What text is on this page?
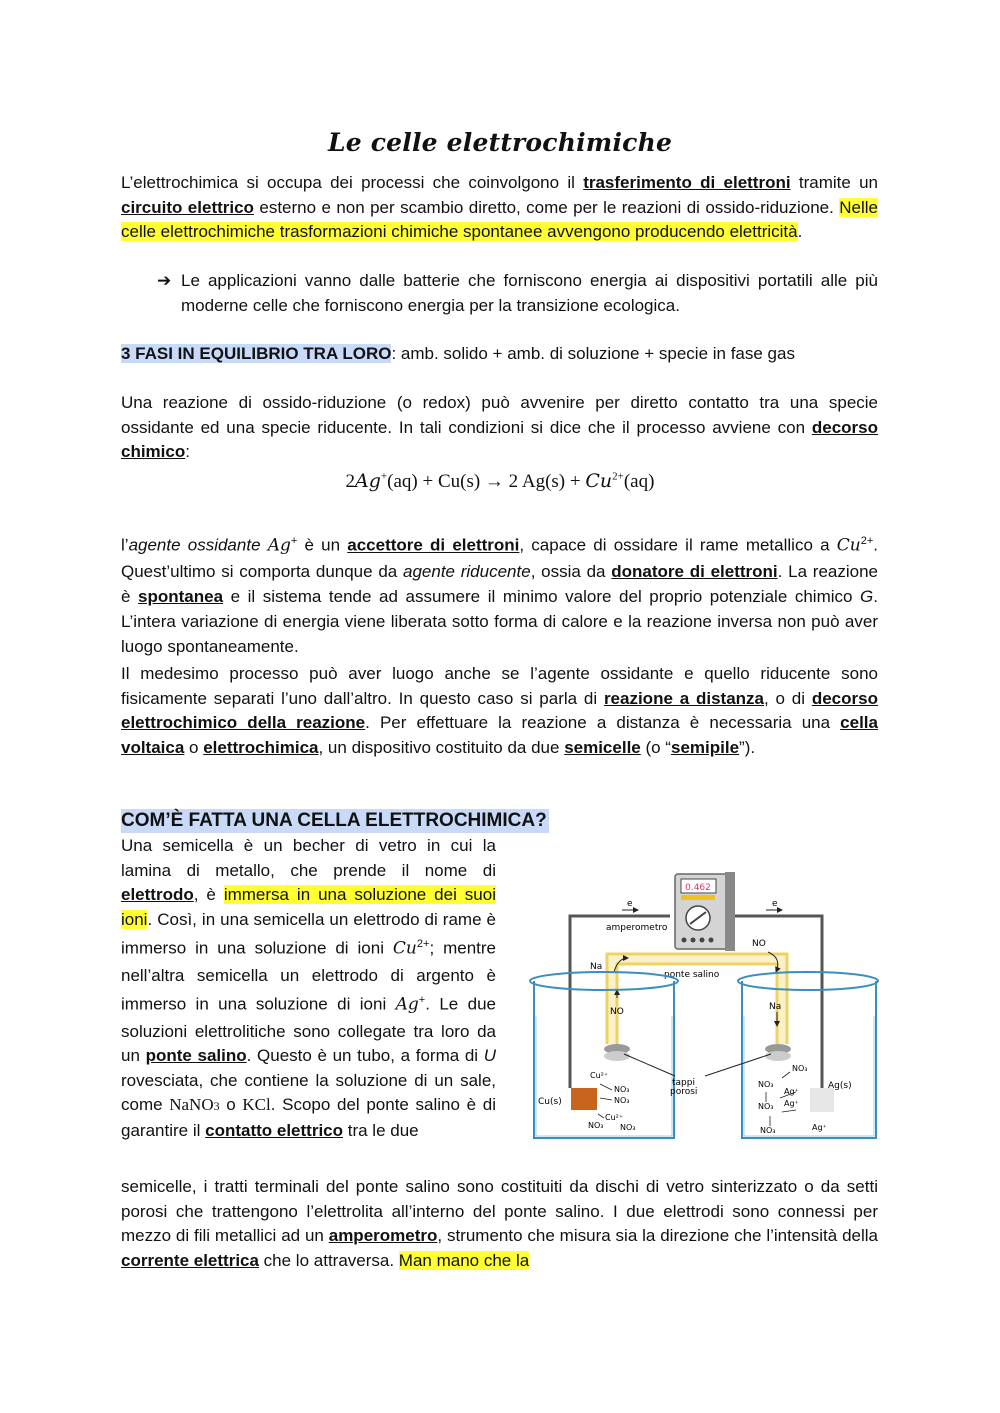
Le celle elettrochimiche
L’elettrochimica si occupa dei processi che coinvolgono il trasferimento di elettroni tramite un circuito elettrico esterno e non per scambio diretto, come per le reazioni di ossido-riduzione. Nelle celle elettrochimiche trasformazioni chimiche spontanee avvengono producendo elettricità.
➔ Le applicazioni vanno dalle batterie che forniscono energia ai dispositivi portatili alle più moderne celle che forniscono energia per la transizione ecologica.
3 FASI IN EQUILIBRIO TRA LORO: amb. solido + amb. di soluzione + specie in fase gas
Una reazione di ossido-riduzione (o redox) può avvenire per diretto contatto tra una specie ossidante ed una specie riducente. In tali condizioni si dice che il processo avviene con decorso chimico:
2Ag+(aq) + Cu(s) → 2 $Ag(s) + Cu^{2+}(aq)$
l’agente ossidante Ag+ è un accettore di elettroni, capace di ossidare il rame metallico a $Cu^{2+}$. Quest’ultimo si comporta dunque da agente riducente, ossia da donatore di elettroni. La reazione è spontanea e il sistema tende ad assumere il minimo valore del proprio potenziale chimico G. L’intera variazione di energia viene liberata sotto forma di calore e la reazione inversa non può aver luogo spontaneamente.
Il medesimo processo può aver luogo anche se l’agente ossidante e quello riducente sono fisicamente separati l’uno dall’altro. In questo caso si parla di reazione a distanza, o di decorso elettrochimico della reazione. Per effettuare la reazione a distanza è necessaria una cella voltaica o elettrochimica, un dispositivo costituito da due semicelle (o “semipile”).
COM’È FATTA UNA CELLA ELETTROCHIMICA?
Una semicella è un becher di vetro in cui la lamina di metallo, che prende il nome di elettrodo, è immersa in una soluzione dei suoi ioni. Così, in una semicella un elettrodo di rame è immerso in una soluzione di ioni $Cu^{2+}$; mentre nell’altra semicella un elettrodo di argento è immerso in una soluzione di ioni Ag+. Le due soluzioni elettrolitiche sono collegate tra loro da un ponte salino. Questo è un tubo, a forma di U rovesciata, che contiene la soluzione di un sale, come NaNO3 o KCl. Scopo del ponte salino è di garantire il contatto elettrico tra le due
semicelle, i tratti terminali del ponte salino sono costituiti da dischi di vetro sinterizzato o da setti porosi che trattengono l’elettrolita all’interno del ponte salino. I due elettrodi sono connessi per mezzo di fili metallici ad un amperometro, strumento che misura sia la direzione che l’intensità della corrente elettrica che lo attraversa. Man mano che la
0.462
amperometro
e	e
ponte salino
NO
Na
NO	Na
Cu(s)
Ag(s)
tappi
porosi
Cu²⁺
NO₃
NO₃
Cu²⁺
NO₃
NO₃
NO₃
NO₃
Ag⁺
NO₃ Ag⁺
NO₃	Ag⁺
